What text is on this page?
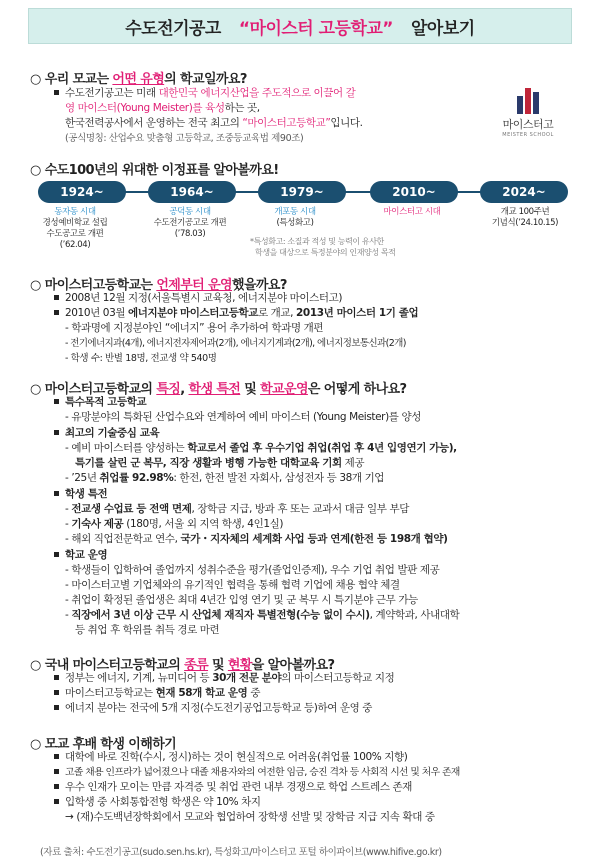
수도전기공고 “마이스터 고등학교” 알아보기
○ 우리 모교는 어떤 유형의 학교일까요?
수도전기공고는 미래 대한민국 에너지산업을 주도적으로 이끌어 갈
영 마이스터(Young Meister)를 육성하는 곳,
한국전력공사에서 운영하는 전국 최고의 “마이스터고등학교”입니다.
(공식명칭: 산업수요 맞춤형 고등학교, 조중등교육법 제90조)
마이스터고
MEISTER SCHOOL
○ 수도100년의 위대한 이정표를 알아볼까요!
1924~	1964~	1979~	2010~	2024~
동자동 시대
경성예비학교 설립
수도공고로 개편
(’62.04)
공덕동 시대
수도전기공고로 개편
(’78.03)
개포동 시대
(특성화고)
마이스터고 시대	개교 100주년
기념식(’24.10.15)
*특성화고: 소질과 적성 및 능력이 유사한
학생을 대상으로 특정분야의 인재양성 목적
○ 마이스터고등학교는 언제부터 운영했을까요?
2008년 12월 지정(서울특별시 교육청, 에너지분야 마이스터고)
2010년 03월 에너지분야 마이스터고등학교로 개교, 2013년 마이스터 1기 졸업
- 학과명에 지정분야인 “에너지” 용어 추가하여 학과명 개편
- 전기에너지과(4개), 에너지전자제어과(2개), 에너지기계과(2개), 에너지정보통신과(2개)
- 학생 수: 반별 18명, 전교생 약 540명
○ 마이스터고등학교의 특징, 학생 특전 및 학교운영은 어떻게 하나요?
특수목적 고등학교
- 유망분야의 특화된 산업수요와 연계하여 예비 마이스터 (Young Meister)를 양성
최고의 기술중심 교육
- 예비 마이스터를 양성하는 학교로서 졸업 후 우수기업 취업(취업 후 4년 입영연기 가능),
특기를 살린 군 복무, 직장 생활과 병행 가능한 대학교육 기회 제공
- ’25년 취업률 92.98%: 한전, 한전 발전 자회사, 삼성전자 등 38개 기업
학생 특전
- 전교생 수업료 등 전액 면제, 장학금 지급, 방과 후 또는 교과서 대금 일부 부담
- 기숙사 제공 (180명, 서울 외 지역 학생, 4인1실)
- 해외 직업전문학교 연수, 국가・지자체의 세계화 사업 등과 연계(한전 등 198개 협약)
학교 운영
- 학생들이 입학하여 졸업까지 성취수준을 평가(졸업인증제), 우수 기업 취업 발판 제공
- 마이스터고별 기업체와의 유기적인 협력을 통해 협력 기업에 채용 협약 체결
- 취업이 확정된 졸업생은 최대 4년간 입영 연기 및 군 복무 시 특기분야 근무 가능
- 직장에서 3년 이상 근무 시 산업체 재직자 특별전형(수능 없이 수시), 계약학과, 사내대학
등 취업 후 학위를 취득 경로 마련
○ 국내 마이스터고등학교의 종류 및 현황을 알아볼까요?
정부는 에너지, 기계, 뉴미디어 등 30개 전문 분야의 마이스터고등학교 지정
마이스터고등학교는 현재 58개 학교 운영 중
에너지 분야는 전국에 5개 지정(수도전기공업고등학교 등)하여 운영 중
○ 모교 후배 학생 이해하기
대학에 바로 진학(수시, 정시)하는 것이 현실적으로 어려움(취업률 100% 지향)
고졸 채용 인프라가 넓어졌으나 대졸 채용자와의 여전한 임금, 승진 격차 등 사회적 시선 및 처우 존재
우수 인재가 모이는 만큼 자격증 및 취업 관련 내부 경쟁으로 학업 스트레스 존재
입학생 중 사회통합전형 학생은 약 10% 차지
→ (재)수도백년장학회에서 모교와 협업하여 장학생 선발 및 장학금 지급 지속 확대 중
(자료 출처: 수도전기공고(sudo.sen.hs.kr), 특성화고/마이스터고 포털 하이파이브(www.hifive.go.kr)
